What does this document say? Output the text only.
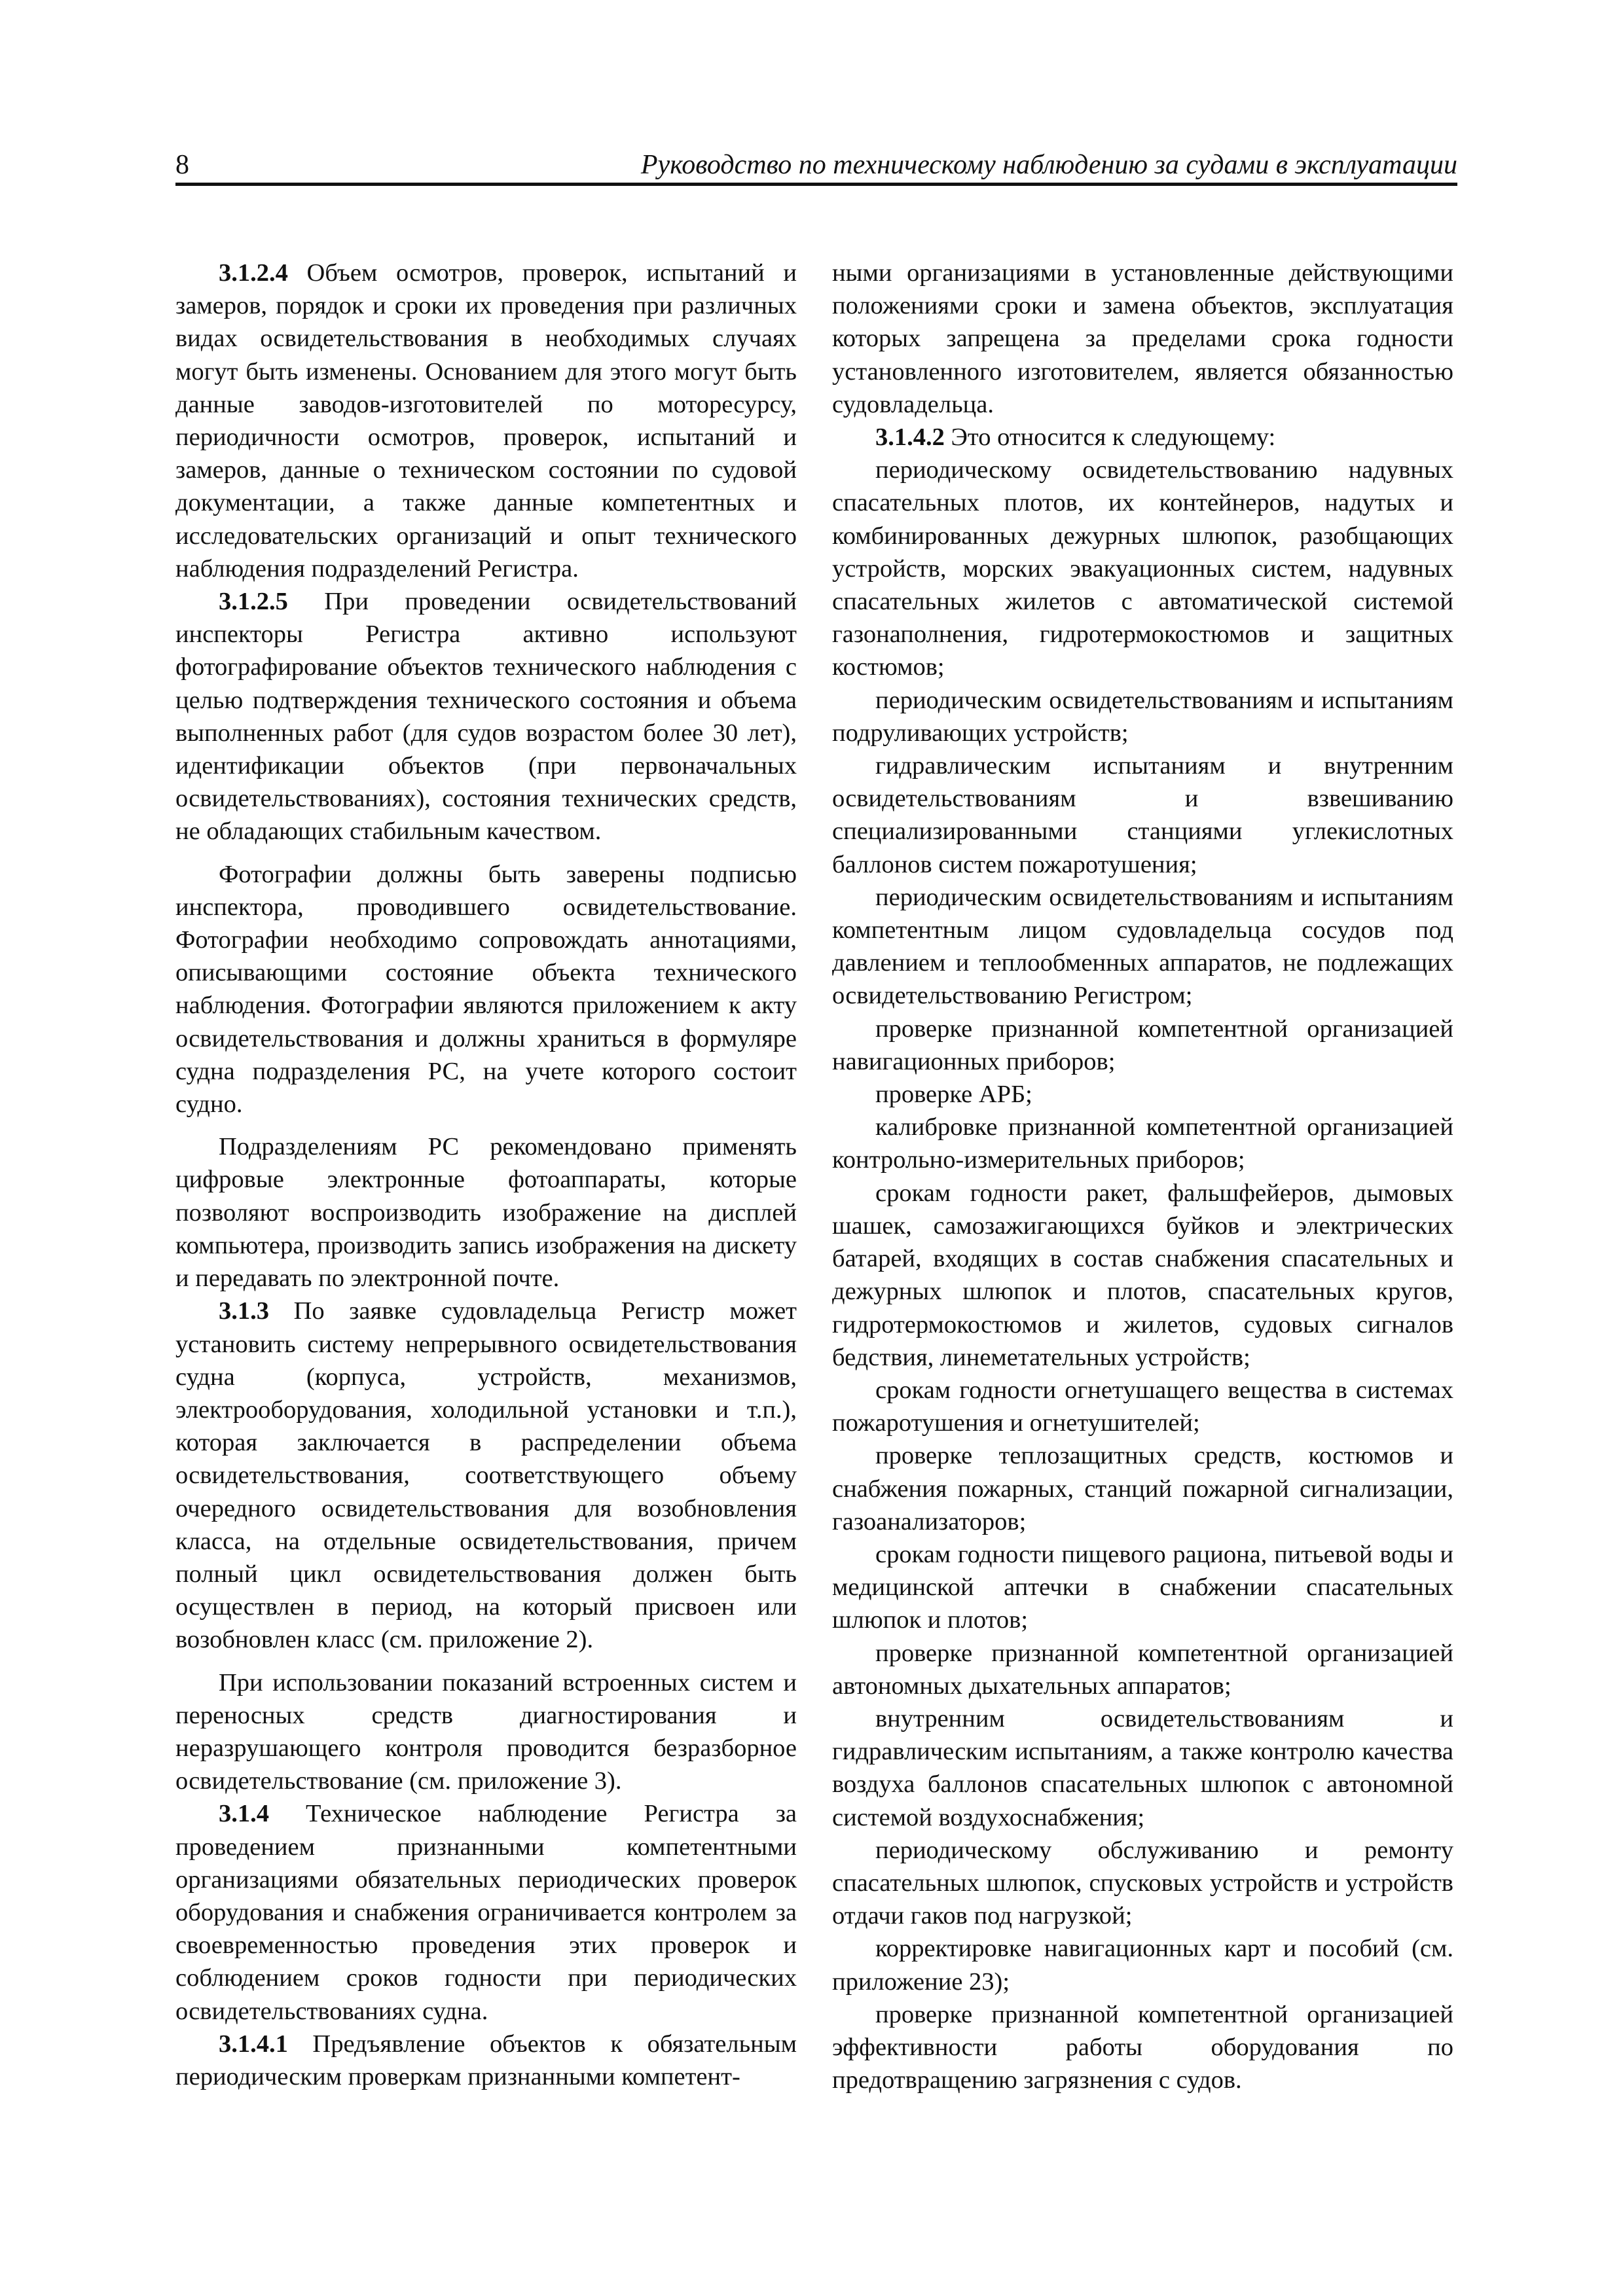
8	Руководство по техническому наблюдению за судами в эксплуатации

3.1.2.4 Объем осмотров, проверок, испытаний и замеров, порядок и сроки их проведения при различных видах освидетельствования в необходимых случаях могут быть изменены. Основанием для этого могут быть данные заводов-изготовителей по моторесурсу, периодичности осмотров, проверок, испытаний и замеров, данные о техническом состоянии по судовой документации, а также данные компетентных и исследовательских организаций и опыт технического наблюдения подразделений Регистра.

3.1.2.5 При проведении освидетельствований инспекторы Регистра активно используют фотографирование объектов технического наблюдения с целью подтверждения технического состояния и объема выполненных работ (для судов возрастом более 30 лет), идентификации объектов (при первоначальных освидетельствованиях), состояния технических средств, не обладающих стабильным качеством.

Фотографии должны быть заверены подписью инспектора, проводившего освидетельствование. Фотографии необходимо сопровождать аннотациями, описывающими состояние объекта технического наблюдения. Фотографии являются приложением к акту освидетельствования и должны храниться в формуляре судна подразделения РС, на учете которого состоит судно.

Подразделениям РС рекомендовано применять цифровые электронные фотоаппараты, которые позволяют воспроизводить изображение на дисплей компьютера, производить запись изображения на дискету и передавать по электронной почте.

3.1.3 По заявке судовладельца Регистр может установить систему непрерывного освидетельствования судна (корпуса, устройств, механизмов, электрооборудования, холодильной установки и т.п.), которая заключается в распределении объема освидетельствования, соответствующего объему очередного освидетельствования для возобновления класса, на отдельные освидетельствования, причем полный цикл освидетельствования должен быть осуществлен в период, на который присвоен или возобновлен класс (см. приложение 2).

При использовании показаний встроенных систем и переносных средств диагностирования и неразрушающего контроля проводится безразборное освидетельствование (см. приложение 3).

3.1.4 Техническое наблюдение Регистра за проведением признанными компетентными организациями обязательных периодических проверок оборудования и снабжения ограничивается контролем за своевременностью проведения этих проверок и соблюдением сроков годности при периодических освидетельствованиях судна.

3.1.4.1 Предъявление объектов к обязательным периодическим проверкам признанными компетент-

ными организациями в установленные действующими положениями сроки и замена объектов, эксплуатация которых запрещена за пределами срока годности установленного изготовителем, является обязанностью судовладельца.

3.1.4.2 Это относится к следующему:

периодическому освидетельствованию надувных спасательных плотов, их контейнеров, надутых и комбинированных дежурных шлюпок, разобщающих устройств, морских эвакуационных систем, надувных спасательных жилетов с автоматической системой газонаполнения, гидротермокостюмов и защитных костюмов;

периодическим освидетельствованиям и испытаниям подруливающих устройств;

гидравлическим испытаниям и внутренним освидетельствованиям и взвешиванию специализированными станциями углекислотных баллонов систем пожаротушения;

периодическим освидетельствованиям и испытаниям компетентным лицом судовладельца сосудов под давлением и теплообменных аппаратов, не подлежащих освидетельствованию Регистром;

проверке признанной компетентной организацией навигационных приборов;

проверке АРБ;

калибровке признанной компетентной организацией контрольно-измерительных приборов;

срокам годности ракет, фальшфейеров, дымовых шашек, самозажигающихся буйков и электрических батарей, входящих в состав снабжения спасательных и дежурных шлюпок и плотов, спасательных кругов, гидротермокостюмов и жилетов, судовых сигналов бедствия, линеметательных устройств;

срокам годности огнетушащего вещества в системах пожаротушения и огнетушителей;

проверке теплозащитных средств, костюмов и снабжения пожарных, станций пожарной сигнализации, газоанализаторов;

срокам годности пищевого рациона, питьевой воды и медицинской аптечки в снабжении спасательных шлюпок и плотов;

проверке признанной компетентной организацией автономных дыхательных аппаратов;

внутренним освидетельствованиям и гидравлическим испытаниям, а также контролю качества воздуха баллонов спасательных шлюпок с автономной системой воздухоснабжения;

периодическому обслуживанию и ремонту спасательных шлюпок, спусковых устройств и устройств отдачи гаков под нагрузкой;

корректировке навигационных карт и пособий (см. приложение 23);

проверке признанной компетентной организацией эффективности работы оборудования по предотвращению загрязнения с судов.
